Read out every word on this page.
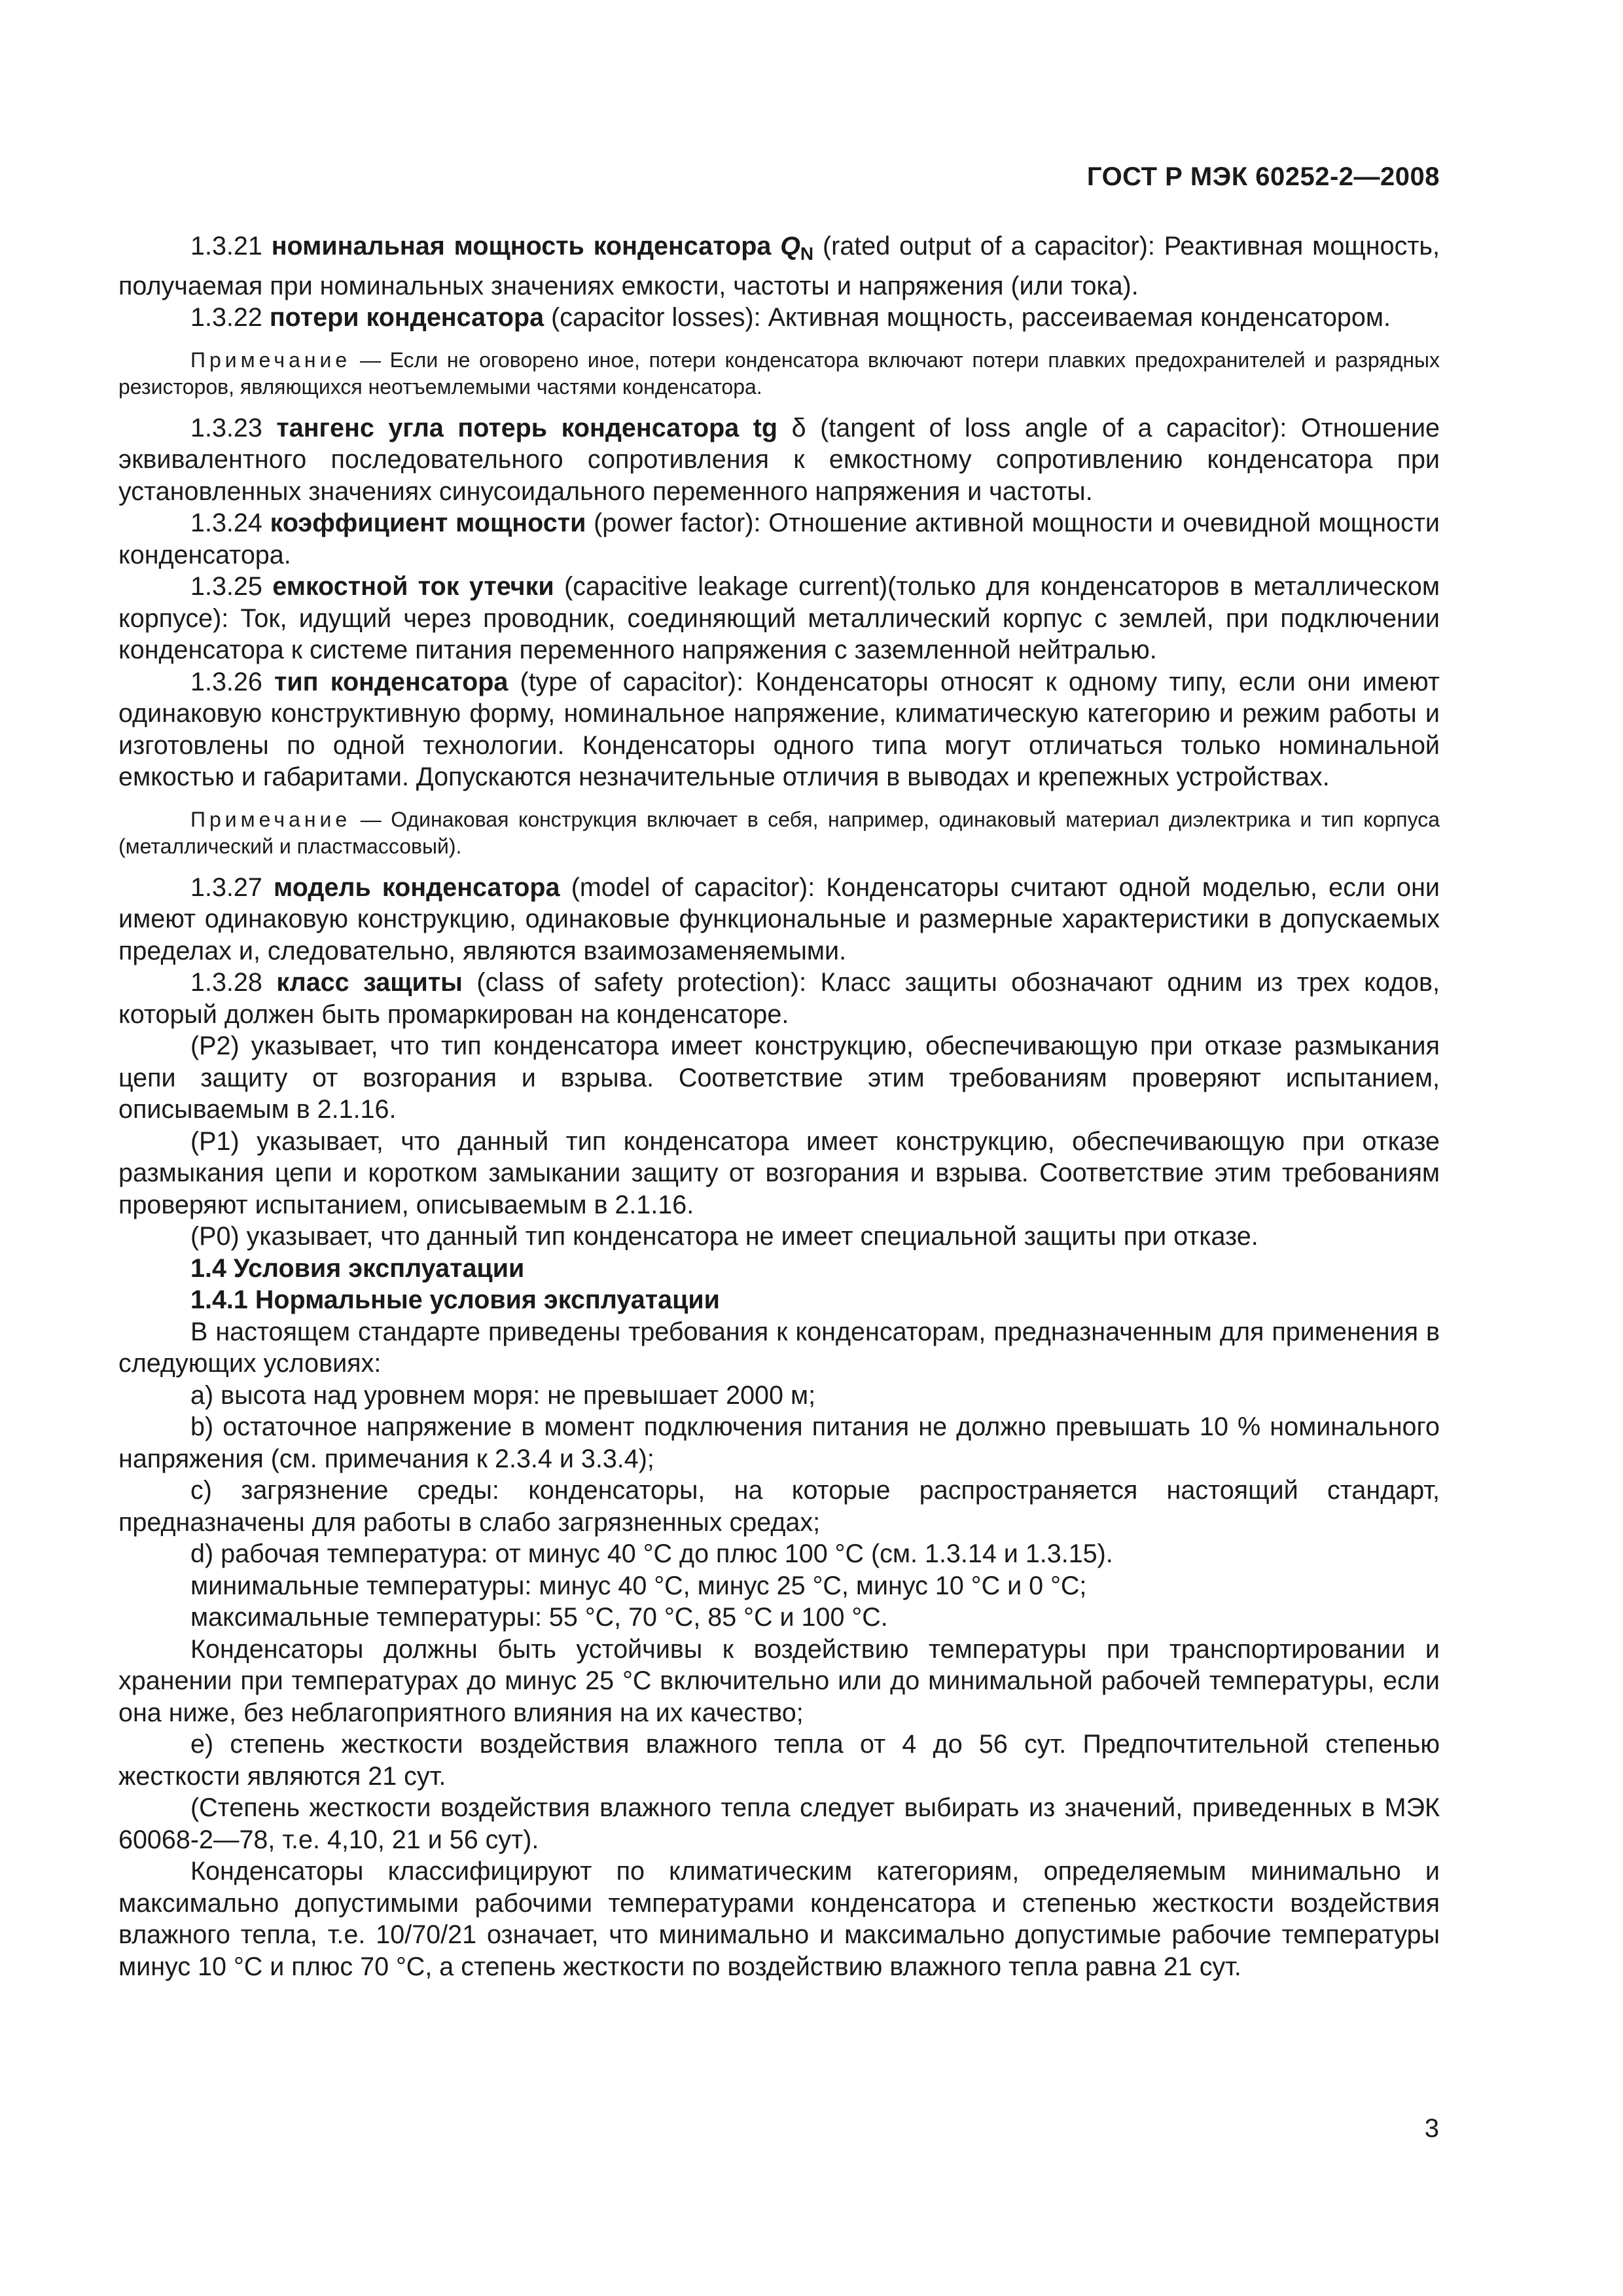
ГОСТ Р МЭК 60252-2—2008

1.3.21 номинальная мощность конденсатора $Q_N$ (rated output of a capacitor): Реактивная мощность, получаемая при номинальных значениях емкости, частоты и напряжения (или тока).

1.3.22 потери конденсатора (capacitor losses): Активная мощность, рассеиваемая конденсатором.

Примечание — Если не оговорено иное, потери конденсатора включают потери плавких предохранителей и разрядных резисторов, являющихся неотъемлемыми частями конденсатора.

1.3.23 тангенс угла потерь конденсатора tg δ (tangent of loss angle of a capacitor): Отношение эквивалентного последовательного сопротивления к емкостному сопротивлению конденсатора при установленных значениях синусоидального переменного напряжения и частоты.

1.3.24 коэффициент мощности (power factor): Отношение активной мощности и очевидной мощности конденсатора.

1.3.25 емкостной ток утечки (capacitive leakage current)(только для конденсаторов в металлическом корпусе): Ток, идущий через проводник, соединяющий металлический корпус с землей, при подключении конденсатора к системе питания переменного напряжения с заземленной нейтралью.

1.3.26 тип конденсатора (type of capacitor): Конденсаторы относят к одному типу, если они имеют одинаковую конструктивную форму, номинальное напряжение, климатическую категорию и режим работы и изготовлены по одной технологии. Конденсаторы одного типа могут отличаться только номинальной емкостью и габаритами. Допускаются незначительные отличия в выводах и крепежных устройствах.

Примечание — Одинаковая конструкция включает в себя, например, одинаковый материал диэлектрика и тип корпуса (металлический и пластмассовый).

1.3.27 модель конденсатора (model of capacitor): Конденсаторы считают одной моделью, если они имеют одинаковую конструкцию, одинаковые функциональные и размерные характеристики в допускаемых пределах и, следовательно, являются взаимозаменяемыми.

1.3.28 класс защиты (class of safety protection): Класс защиты обозначают одним из трех кодов, который должен быть промаркирован на конденсаторе.

(Р2) указывает, что тип конденсатора имеет конструкцию, обеспечивающую при отказе размыкания цепи защиту от возгорания и взрыва. Соответствие этим требованиям проверяют испытанием, описываемым в 2.1.16.

(Р1) указывает, что данный тип конденсатора имеет конструкцию, обеспечивающую при отказе размыкания цепи и коротком замыкании защиту от возгорания и взрыва. Соответствие этим требованиям проверяют испытанием, описываемым в 2.1.16.

(Р0) указывает, что данный тип конденсатора не имеет специальной защиты при отказе.

1.4 Условия эксплуатации

1.4.1 Нормальные условия эксплуатации

В настоящем стандарте приведены требования к конденсаторам, предназначенным для применения в следующих условиях:

а) высота над уровнем моря: не превышает 2000 м;

b) остаточное напряжение в момент подключения питания не должно превышать 10 % номинального напряжения (см. примечания к 2.3.4 и 3.3.4);

c) загрязнение среды: конденсаторы, на которые распространяется настоящий стандарт, предназначены для работы в слабо загрязненных средах;

d) рабочая температура: от минус 40 °С до плюс 100 °С (см. 1.3.14 и 1.3.15).

минимальные температуры: минус 40 °С, минус 25 °С, минус 10 °С и 0 °С;

максимальные температуры: 55 °С, 70 °С, 85 °С и 100 °С.

Конденсаторы должны быть устойчивы к воздействию температуры при транспортировании и хранении при температурах до минус 25 °С включительно или до минимальной рабочей температуры, если она ниже, без неблагоприятного влияния на их качество;

е) степень жесткости воздействия влажного тепла от 4 до 56 сут. Предпочтительной степенью жесткости являются 21 сут.

(Степень жесткости воздействия влажного тепла следует выбирать из значений, приведенных в МЭК 60068-2—78, т.е. 4,10, 21 и 56 сут).

Конденсаторы классифицируют по климатическим категориям, определяемым минимально и максимально допустимыми рабочими температурами конденсатора и степенью жесткости воздействия влажного тепла, т.е. 10/70/21 означает, что минимально и максимально допустимые рабочие температуры минус 10 °С и плюс 70 °С, а степень жесткости по воздействию влажного тепла равна 21 сут.

3
